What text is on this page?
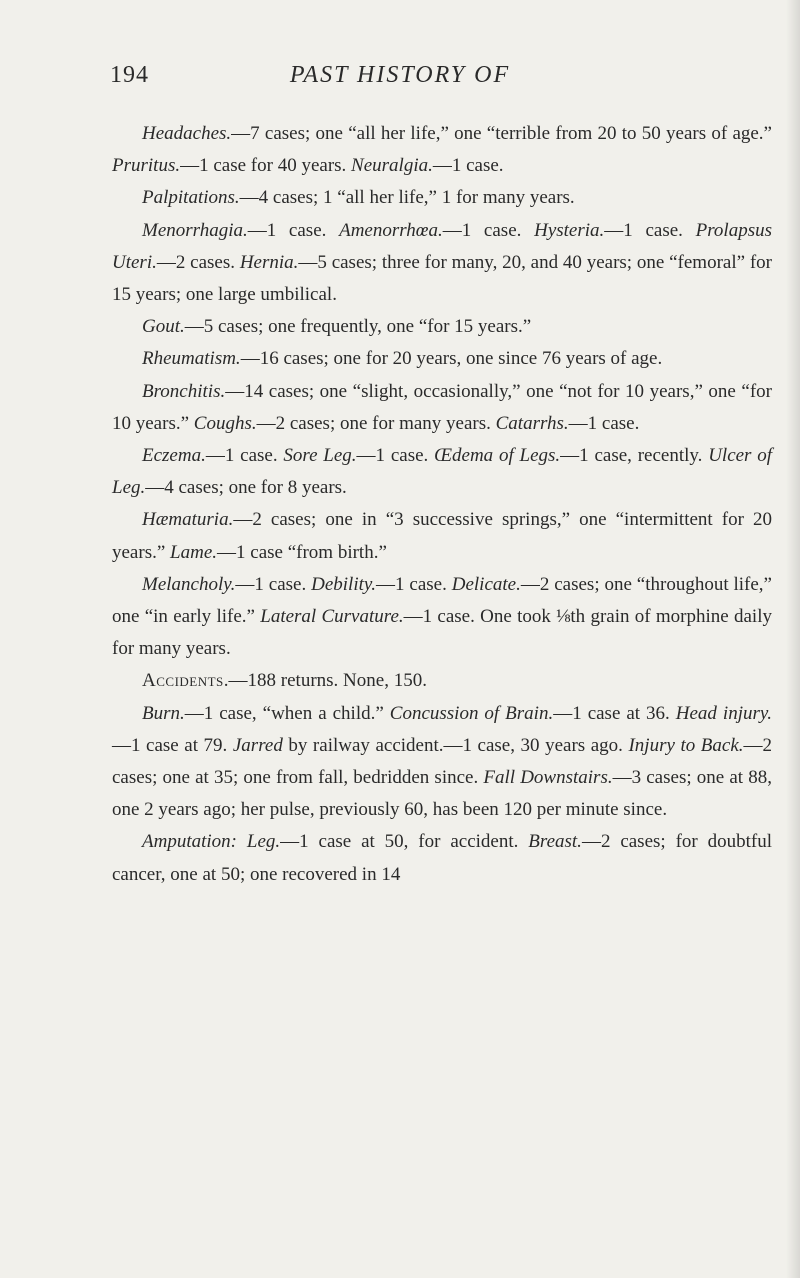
194	PAST HISTORY OF

Headaches.—7 cases; one “all her life,” one “terrible from 20 to 50 years of age.” Pruritus.—1 case for 40 years. Neuralgia.—1 case.

Palpitations.—4 cases; 1 “all her life,” 1 for many years.

Menorrhagia.—1 case. Amenorrhœa.—1 case. Hysteria.—1 case. Prolapsus Uteri.—2 cases. Hernia.—5 cases; three for many, 20, and 40 years; one “femoral” for 15 years; one large umbilical.

Gout.—5 cases; one frequently, one “for 15 years.”

Rheumatism.—16 cases; one for 20 years, one since 76 years of age.

Bronchitis.—14 cases; one “slight, occasionally,” one “not for 10 years,” one “for 10 years.” Coughs.—2 cases; one for many years. Catarrhs.—1 case.

Eczema.—1 case. Sore Leg.—1 case. Œdema of Legs.—1 case, recently. Ulcer of Leg.—4 cases; one for 8 years.

Hæmaturia.—2 cases; one in “3 successive springs,” one “intermittent for 20 years.” Lame.—1 case “from birth.”

Melancholy.—1 case. Debility.—1 case. Delicate.—2 cases; one “throughout life,” one “in early life.” Lateral Curvature.—1 case. One took ⅛th grain of morphine daily for many years.

Accidents.—188 returns. None, 150.

Burn.—1 case, “when a child.” Concussion of Brain.—1 case at 36. Head injury.—1 case at 79. Jarred by railway accident.—1 case, 30 years ago. Injury to Back.—2 cases; one at 35; one from fall, bedridden since. Fall Downstairs.—3 cases; one at 88, one 2 years ago; her pulse, previously 60, has been 120 per minute since.

Amputation: Leg.—1 case at 50, for accident. Breast.—2 cases; for doubtful cancer, one at 50; one recovered in 14
